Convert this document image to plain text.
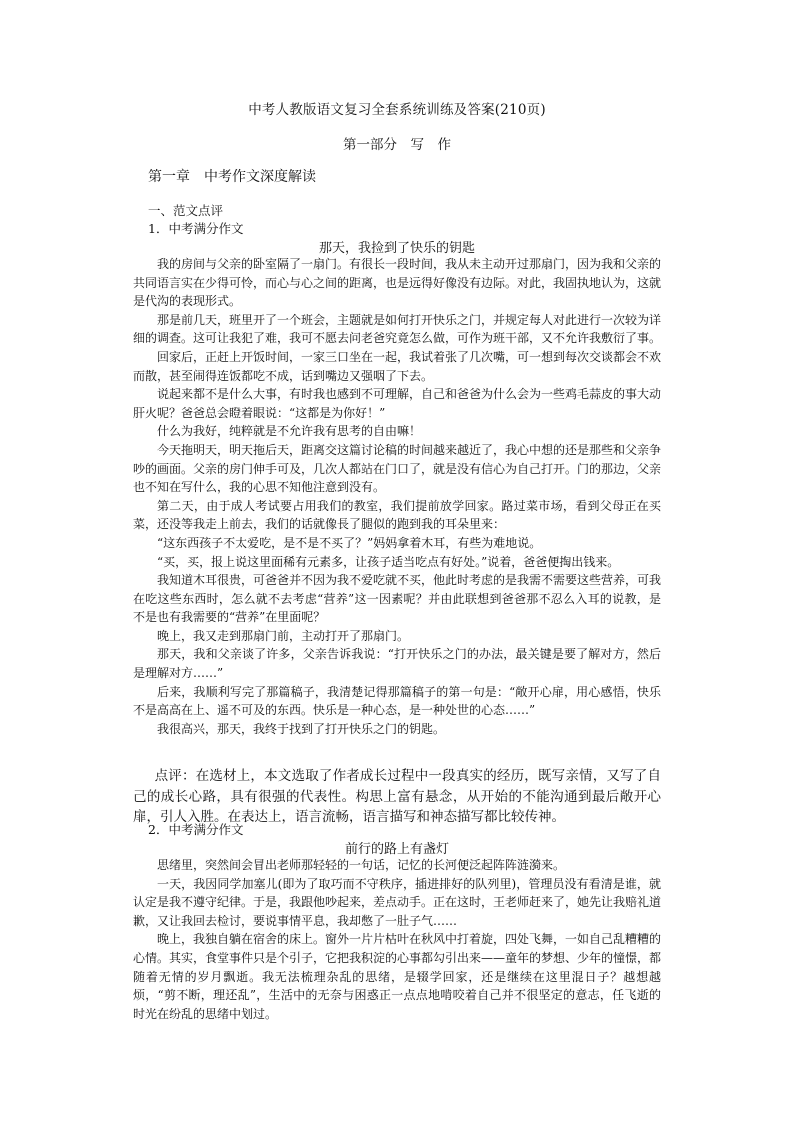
中考人教版语文复习全套系统训练及答案(210页)
第一部分　写　作
第一章　中考作文深度解读
一、范文点评
1．中考满分作文
那天，我捡到了快乐的钥匙

我的房间与父亲的卧室隔了一扇门。有很长一段时间，我从未主动开过那扇门，因为我和父亲的共同语言实在少得可怜，而心与心之间的距离，也是远得好像没有边际。对此，我固执地认为，这就是代沟的表现形式。

那是前几天，班里开了一个班会，主题就是如何打开快乐之门，并规定每人对此进行一次较为详细的调查。这可让我犯了难，我可不愿去问老爸究竟怎么做，可作为班干部，又不允许我敷衍了事。

回家后，正赶上开饭时间，一家三口坐在一起，我试着张了几次嘴，可一想到每次交谈都会不欢而散，甚至闹得连饭都吃不成，话到嘴边又强咽了下去。

说起来都不是什么大事，有时我也感到不可理解，自己和爸爸为什么会为一些鸡毛蒜皮的事大动肝火呢？爸爸总会瞪着眼说：“这都是为你好！”

什么为我好，纯粹就是不允许我有思考的自由嘛！

今天拖明天，明天拖后天，距离交这篇讨论稿的时间越来越近了，我心中想的还是那些和父亲争吵的画面。父亲的房门伸手可及，几次人都站在门口了，就是没有信心为自己打开。门的那边，父亲也不知在写什么，我的心思不知他注意到没有。

第二天，由于成人考试要占用我们的教室，我们提前放学回家。路过菜市场，看到父母正在买菜，还没等我走上前去，我们的话就像長了腿似的跑到我的耳朵里来：

“这东西孩子不太爱吃，是不是不买了？”妈妈拿着木耳，有些为难地说。

“买，买，报上说这里面稀有元素多，让孩子适当吃点有好处。”说着，爸爸便掏出钱来。

我知道木耳很贵，可爸爸并不因为我不爱吃就不买，他此时考虑的是我需不需要这些营养，可我在吃这些东西时，怎么就不去考虑“营养”这一因素呢？并由此联想到爸爸那不忍么入耳的说教，是不是也有我需要的“营养”在里面呢？

晚上，我又走到那扇门前，主动打开了那扇门。

那天，我和父亲谈了许多，父亲告诉我说：“打开快乐之门的办法，最关键是要了解对方，然后是理解对方……”

后来，我顺利写完了那篇稿子，我清楚记得那篇稿子的第一句是：“敞开心扉，用心感悟，快乐不是高高在上、遥不可及的东西。快乐是一种心态，是一种处世的心态……”

我很高兴，那天，我终于找到了打开快乐之门的钥匙。

点评：在选材上，本文选取了作者成长过程中一段真实的经历，既写亲情，又写了自己的成长心路，具有很强的代表性。构思上富有悬念，从开始的不能沟通到最后敞开心扉，引人入胜。在表达上，语言流畅，语言描写和神态描写都比较传神。

2．中考满分作文
前行的路上有盏灯

思绪里，突然间会冒出老师那轻轻的一句话，记忆的长河便泛起阵阵涟漪来。

一天，我因同学加塞儿(即为了取巧而不守秩序，插进排好的队列里)，管理员没有看清是谁，就认定是我不遵守纪律。于是，我跟他吵起来，差点动手。正在这时，王老师赶来了，她先让我赔礼道歉，又让我回去检讨，要说事情平息，我却憋了一肚子气……

晚上，我独自躺在宿舍的床上。窗外一片片枯叶在秋风中打着旋，四处飞舞，一如自己乱糟糟的心情。其实，食堂事件只是个引子，它把我积淀的心事都勾引出来——童年的梦想、少年的憧憬，都随着无情的岁月飘逝。我无法梳理杂乱的思绪，是辍学回家，还是继续在这里混日子？越想越烦，“剪不断，理还乱”，生活中的无奈与困惑正一点点地啃咬着自己并不很坚定的意志，任飞逝的时光在纷乱的思绪中划过。
